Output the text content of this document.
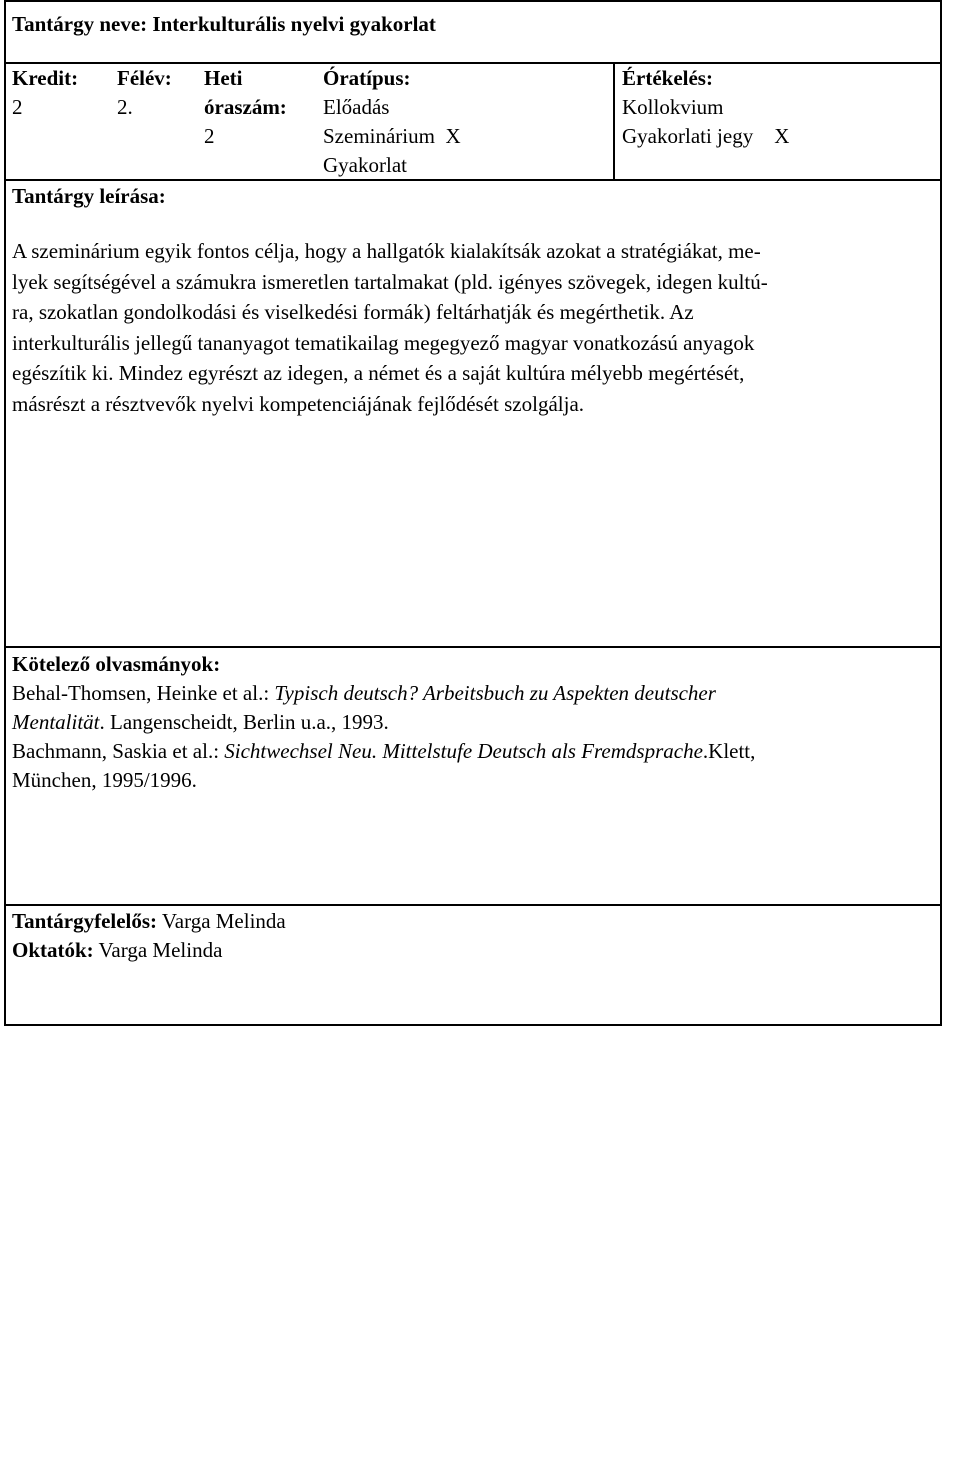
Tantárgy neve: Interkulturális nyelvi gyakorlat
Kredit:
2
Félév:
2.
Heti
óraszám:
2
Óratípus:
Előadás
Szeminárium  X
Gyakorlat
Értékelés:
Kollokvium
Gyakorlati jegy    X
Tantárgy leírása:
A szeminárium egyik fontos célja, hogy a hallgatók kialakítsák azokat a stratégiákat, me-
lyek segítségével a számukra ismeretlen tartalmakat (pld. igényes szövegek, idegen kultú-
ra, szokatlan gondolkodási és viselkedési formák) feltárhatják és megérthetik. Az
interkulturális jellegű tananyagot tematikailag megegyező magyar vonatkozású anyagok
egészítik ki. Mindez egyrészt az idegen, a német és a saját kultúra mélyebb megértését,
másrészt a résztvevők nyelvi kompetenciájának fejlődését szolgálja.
Kötelező olvasmányok:
Behal-Thomsen, Heinke et al.: Typisch deutsch? Arbeitsbuch zu Aspekten deutscher
Mentalität. Langenscheidt, Berlin u.a., 1993.
Bachmann, Saskia et al.: Sichtwechsel Neu. Mittelstufe Deutsch als Fremdsprache.Klett,
München, 1995/1996.
Tantárgyfelelős: Varga Melinda
Oktatók: Varga Melinda
